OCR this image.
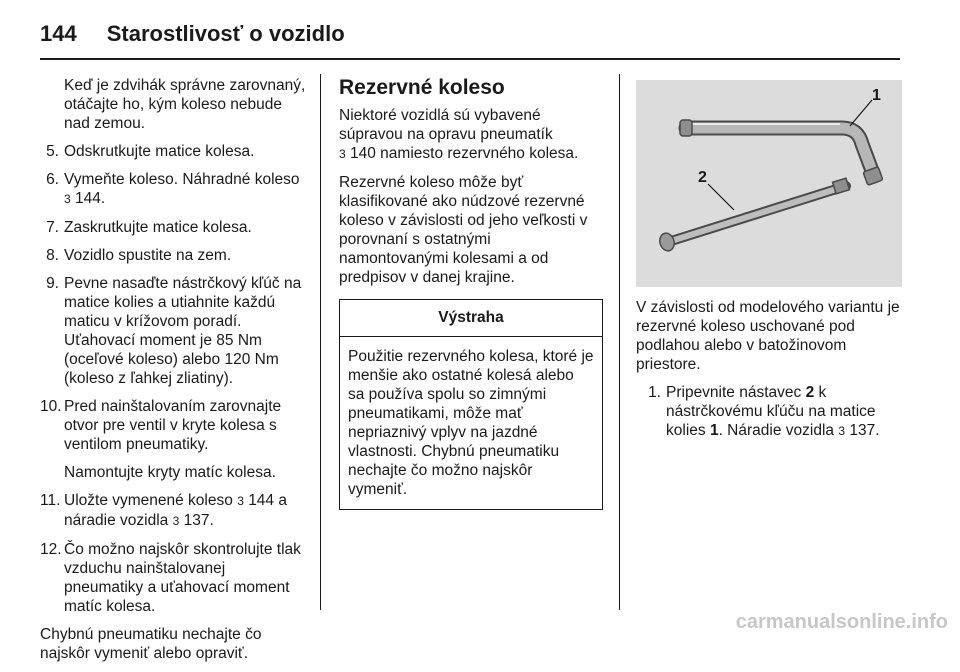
144 Starostlivosť o vozidlo

Keď je zdvihák správne zarovnaný, otáčajte ho, kým koleso nebude nad zemou.

5. Odskrutkujte matice kolesa.
6. Vymeňte koleso. Náhradné koleso 3 144.
7. Zaskrutkujte matice kolesa.
8. Vozidlo spustite na zem.
9. Pevne nasaďte nástrčkový kľúč na matice kolies a utiahnite každú maticu v krížovom poradí. Uťahovací moment je 85 Nm (oceľové koleso) alebo 120 Nm (koleso z ľahkej zliatiny).
10. Pred nainštalovaním zarovnajte otvor pre ventil v kryte kolesa s ventilom pneumatiky.
Namontujte kryty matíc kolesa.
11. Uložte vymenené koleso 3 144 a náradie vozidla 3 137.
12. Čo možno najskôr skontrolujte tlak vzduchu nainštalovanej pneumatiky a uťahovací moment matíc kolesa.

Chybnú pneumatiku nechajte čo najskôr vymeniť alebo opraviť.

Rezervné koleso

Niektoré vozidlá sú vybavené súpravou na opravu pneumatík
3 140 namiesto rezervného kolesa.

Rezervné koleso môže byť klasifikované ako núdzové rezervné koleso v závislosti od jeho veľkosti v porovnaní s ostatnými namontovanými kolesami a od predpisov v danej krajine.

Výstraha
Použitie rezervného kolesa, ktoré je menšie ako ostatné kolesá alebo sa používa spolu so zimnými pneumatikami, môže mať nepriaznivý vplyv na jazdné vlastnosti. Chybnú pneumatiku nechajte čo možno najskôr vymeniť.
1
2

V závislosti od modelového variantu je rezervné koleso uschované pod podlahou alebo v batožinovom priestore.

1. Pripevnite nástavec 2 k nástrčkovému kľúču na matice kolies 1. Náradie vozidla 3 137.
carmanualsonline.info
